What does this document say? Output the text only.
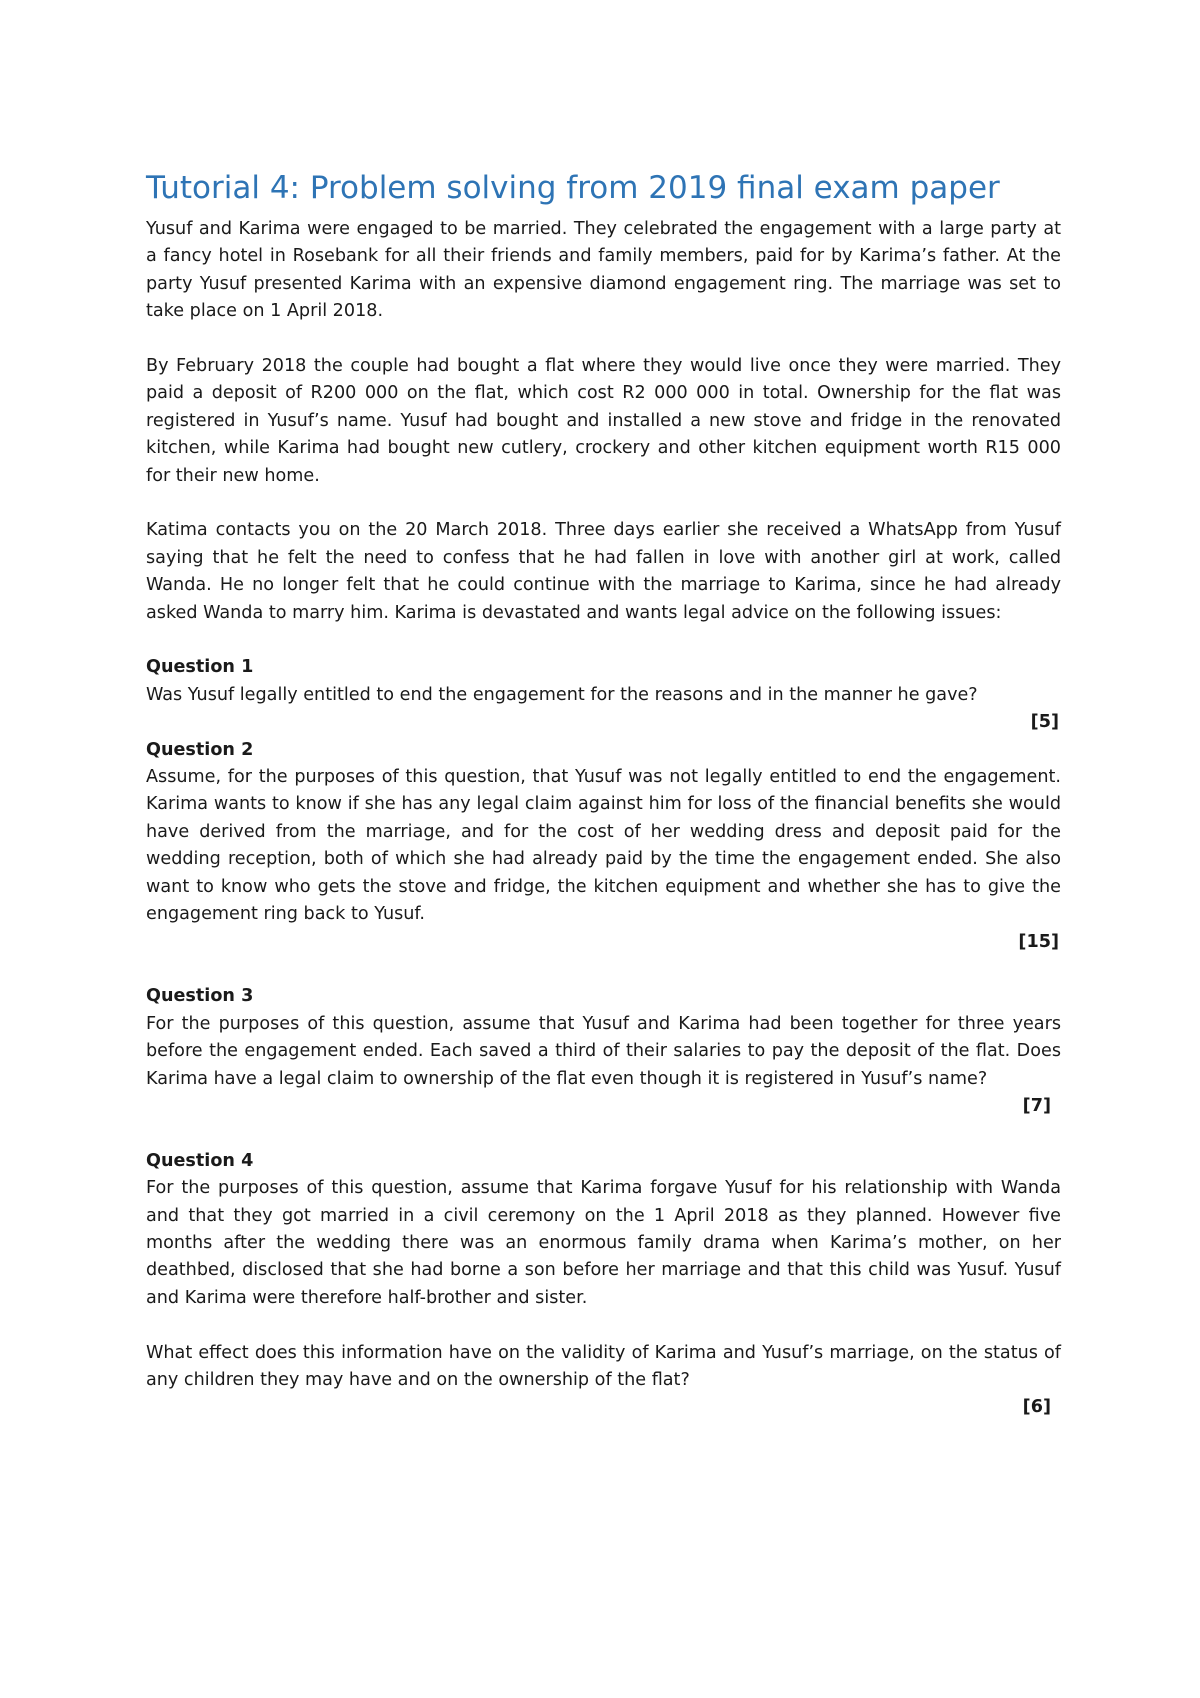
Tutorial 4: Problem solving from 2019 final exam paper

Yusuf and Karima were engaged to be married. They celebrated the engagement with a large party at a fancy hotel in Rosebank for all their friends and family members, paid for by Karima’s father. At the party Yusuf presented Karima with an expensive diamond engagement ring. The marriage was set to take place on 1 April 2018.

By February 2018 the couple had bought a flat where they would live once they were married. They paid a deposit of R200 000 on the flat, which cost R2 000 000 in total. Ownership for the flat was registered in Yusuf’s name. Yusuf had bought and installed a new stove and fridge in the renovated kitchen, while Karima had bought new cutlery, crockery and other kitchen equipment worth R15 000 for their new home.

Katima contacts you on the 20 March 2018. Three days earlier she received a WhatsApp from Yusuf saying that he felt the need to confess that he had fallen in love with another girl at work, called Wanda. He no longer felt that he could continue with the marriage to Karima, since he had already asked Wanda to marry him. Karima is devastated and wants legal advice on the following issues:

Question 1

Was Yusuf legally entitled to end the engagement for the reasons and in the manner he gave?

[5]

Question 2

Assume, for the purposes of this question, that Yusuf was not legally entitled to end the engagement. Karima wants to know if she has any legal claim against him for loss of the financial benefits she would have derived from the marriage, and for the cost of her wedding dress and deposit paid for the wedding reception, both of which she had already paid by the time the engagement ended. She also want to know who gets the stove and fridge, the kitchen equipment and whether she has to give the engagement ring back to Yusuf.

[15]

Question 3

For the purposes of this question, assume that Yusuf and Karima had been together for three years before the engagement ended. Each saved a third of their salaries to pay the deposit of the flat. Does Karima have a legal claim to ownership of the flat even though it is registered in Yusuf’s name?

[7]

Question 4

For the purposes of this question, assume that Karima forgave Yusuf for his relationship with Wanda and that they got married in a civil ceremony on the 1 April 2018 as they planned. However five months after the wedding there was an enormous family drama when Karima’s mother, on her deathbed, disclosed that she had borne a son before her marriage and that this child was Yusuf. Yusuf and Karima were therefore half-brother and sister.

What effect does this information have on the validity of Karima and Yusuf’s marriage, on the status of any children they may have and on the ownership of the flat?

[6]
